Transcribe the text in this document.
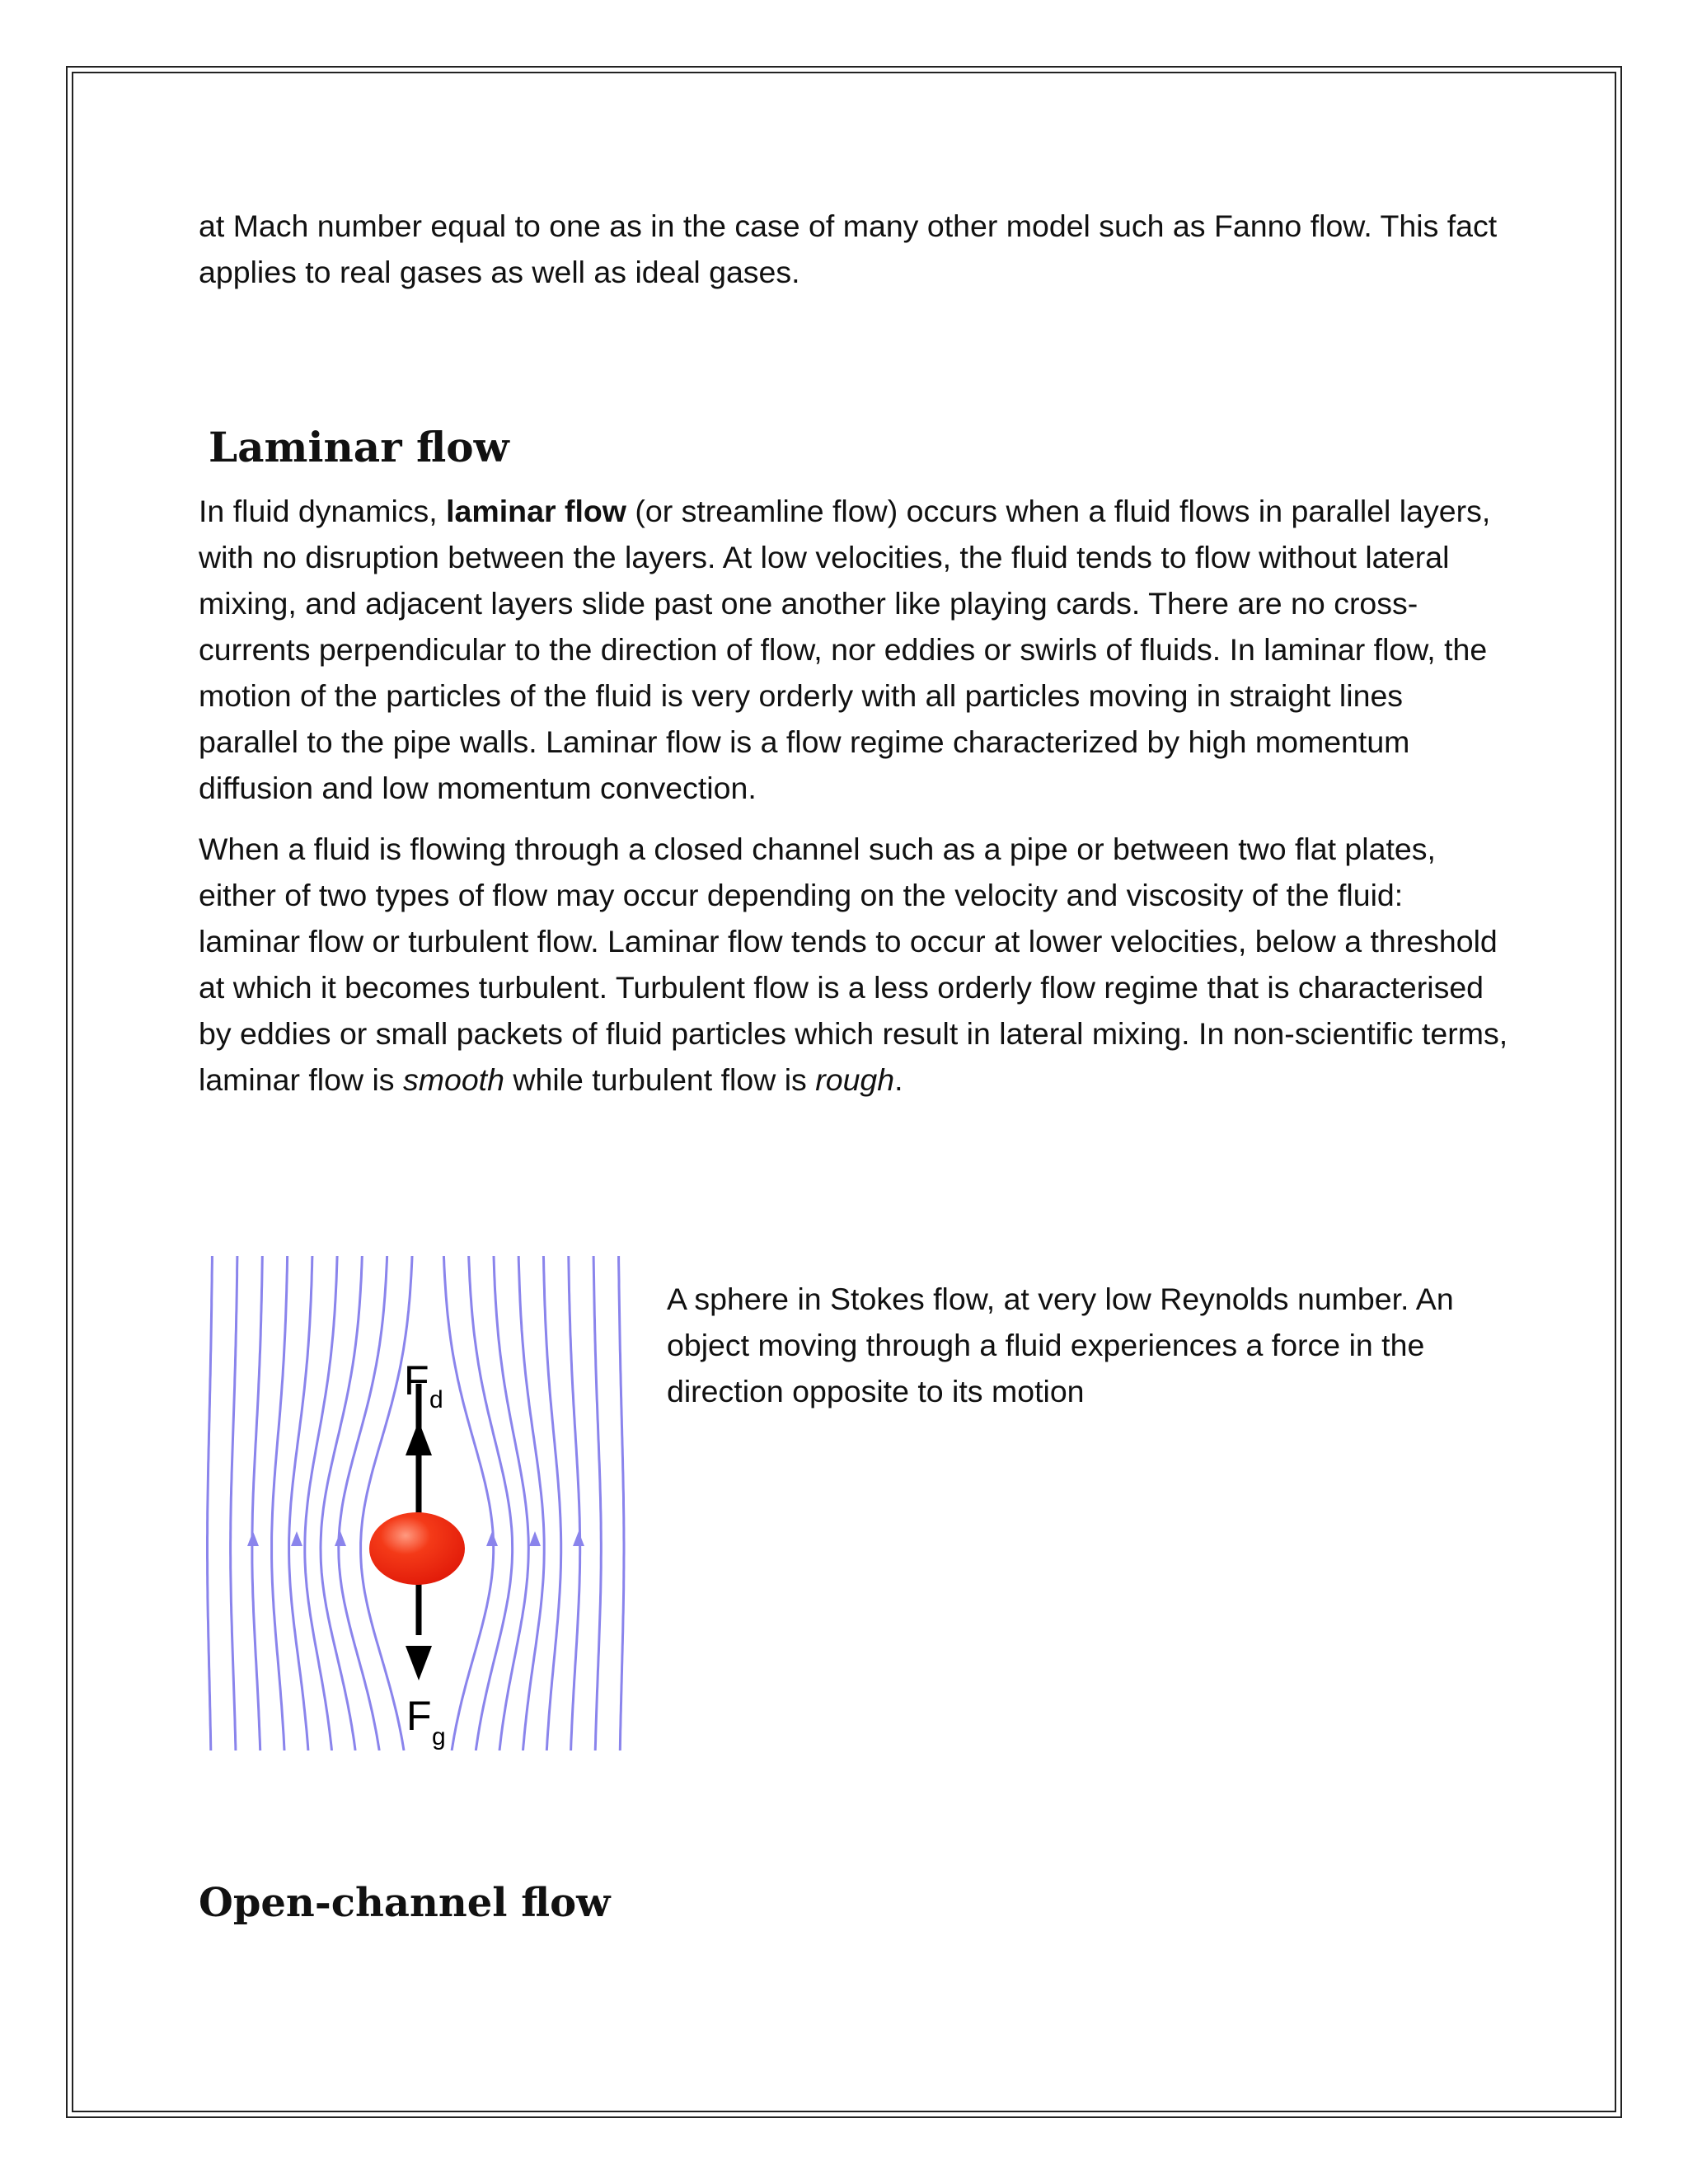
at Mach number equal to one as in the case of many other model such as Fanno flow. This fact applies to real gases as well as ideal gases.

Laminar flow

In fluid dynamics, laminar flow (or streamline flow) occurs when a fluid flows in parallel layers, with no disruption between the layers. At low velocities, the fluid tends to flow without lateral mixing, and adjacent layers slide past one another like playing cards. There are no cross-currents perpendicular to the direction of flow, nor eddies or swirls of fluids. In laminar flow, the motion of the particles of the fluid is very orderly with all particles moving in straight lines parallel to the pipe walls. Laminar flow is a flow regime characterized by high momentum diffusion and low momentum convection.

When a fluid is flowing through a closed channel such as a pipe or between two flat plates, either of two types of flow may occur depending on the velocity and viscosity of the fluid: laminar flow or turbulent flow. Laminar flow tends to occur at lower velocities, below a threshold at which it becomes turbulent. Turbulent flow is a less orderly flow regime that is characterised by eddies or small packets of fluid particles which result in lateral mixing. In non-scientific terms, laminar flow is smooth while turbulent flow is rough.

F d
F g

A sphere in Stokes flow, at very low Reynolds number. An object moving through a fluid experiences a force in the direction opposite to its motion

Open-channel flow
